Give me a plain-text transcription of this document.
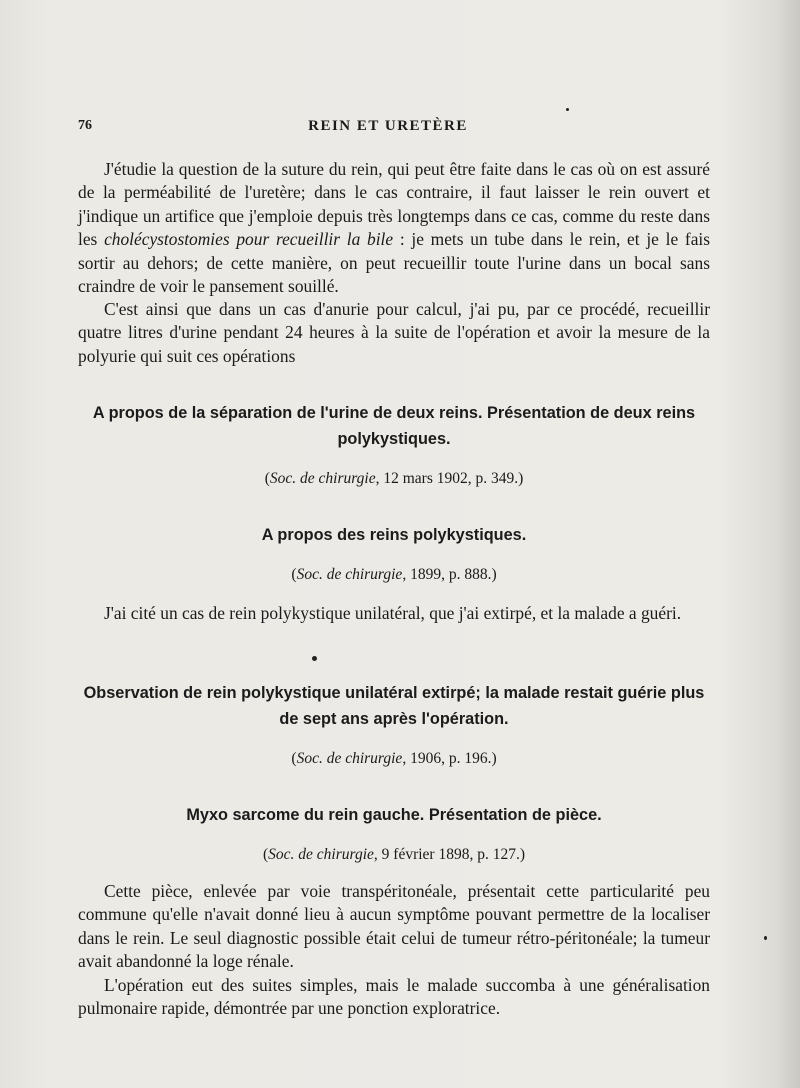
76	REIN ET URETÈRE

J'étudie la question de la suture du rein, qui peut être faite dans le cas où on est assuré de la perméabilité de l'uretère; dans le cas contraire, il faut laisser le rein ouvert et j'indique un artifice que j'emploie depuis très longtemps dans ce cas, comme du reste dans les cholécystostomies pour recueillir la bile : je mets un tube dans le rein, et je le fais sortir au dehors; de cette manière, on peut recueillir toute l'urine dans un bocal sans craindre de voir le pansement souillé.

C'est ainsi que dans un cas d'anurie pour calcul, j'ai pu, par ce procédé, recueillir quatre litres d'urine pendant 24 heures à la suite de l'opération et avoir la mesure de la polyurie qui suit ces opérations

A propos de la séparation de l'urine de deux reins. Présentation de deux reins

polykystiques.

(Soc. de chirurgie, 12 mars 1902, p. 349.)

A propos des reins polykystiques.

(Soc. de chirurgie, 1899, p. 888.)

J'ai cité un cas de rein polykystique unilatéral, que j'ai extirpé, et la malade a guéri.

Observation de rein polykystique unilatéral extirpé; la malade restait guérie plus

de sept ans après l'opération.

(Soc. de chirurgie, 1906, p. 196.)

Myxo sarcome du rein gauche. Présentation de pièce.

(Soc. de chirurgie, 9 février 1898, p. 127.)

Cette pièce, enlevée par voie transpéritonéale, présentait cette particularité peu commune qu'elle n'avait donné lieu à aucun symptôme pouvant permettre de la localiser dans le rein. Le seul diagnostic possible était celui de tumeur rétro-péritonéale; la tumeur avait abandonné la loge rénale.

L'opération eut des suites simples, mais le malade succomba à une généralisation pulmonaire rapide, démontrée par une ponction exploratrice.
